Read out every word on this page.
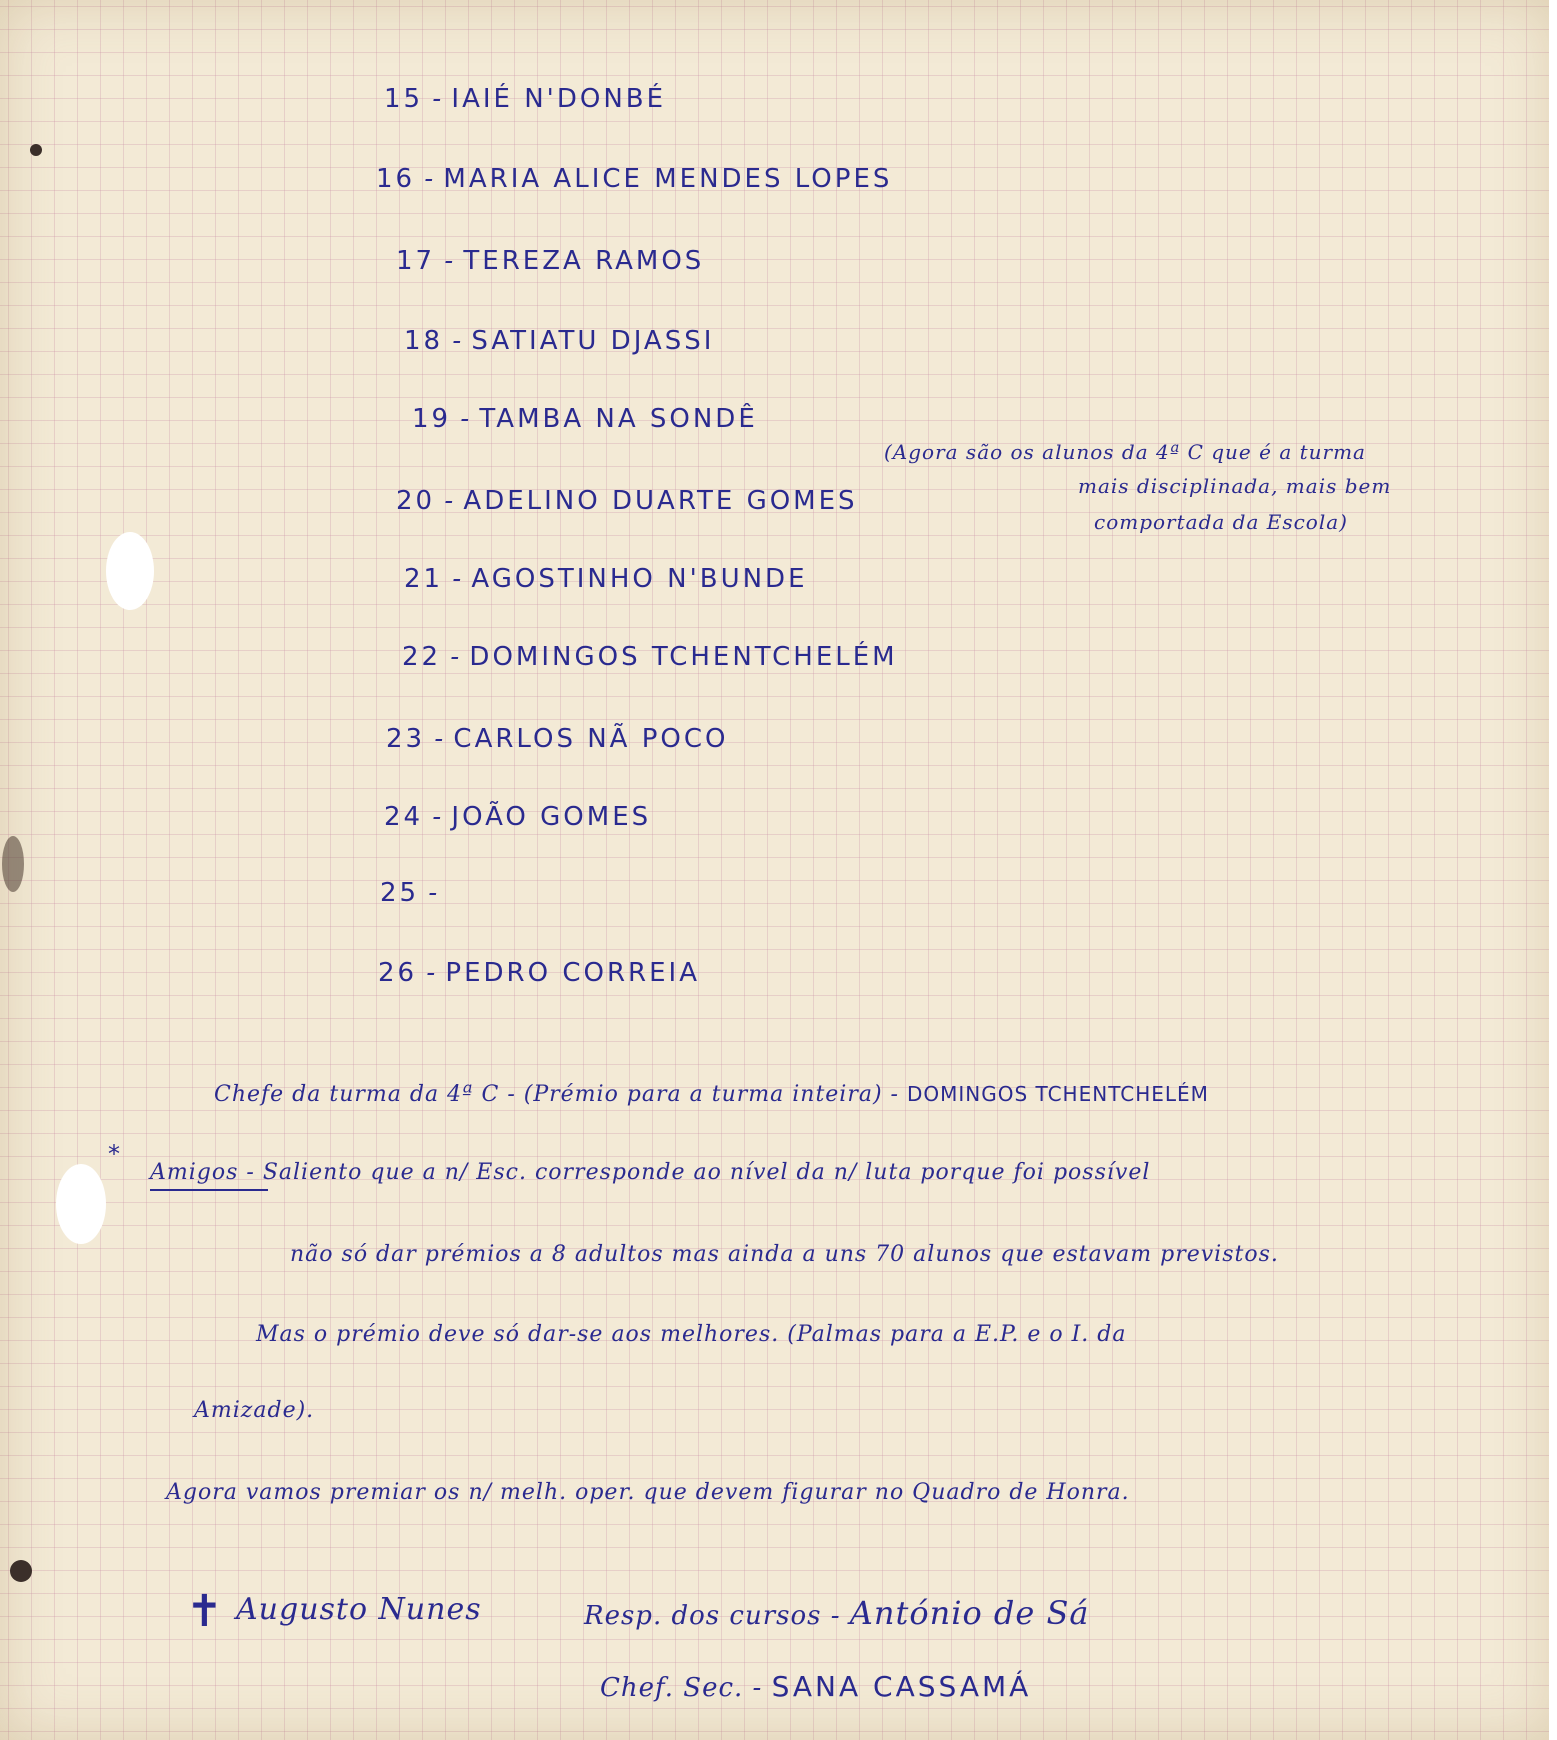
15 - IAIÉ N'DONBÉ
16 - MARIA ALICE MENDES LOPES
17 - TEREZA RAMOS
18 - SATIATU DJASSI
19 - TAMBA NA SONDÊ
20 - ADELINO DUARTE GOMES
21 - AGOSTINHO N'BUNDE
22 - DOMINGOS TCHENTCHELÉM
23 - CARLOS NÃ POCO
24 - JOÃO GOMES
25 -
26 - PEDRO CORREIA
(Agora são os alunos da 4ª C que é a turma
mais disciplinada, mais bem
comportada da Escola)
Chefe da turma da 4ª C - (Prémio para a turma inteira) - DOMINGOS TCHENTCHELÉM
*
Amigos - Saliento que a n/ Esc. corresponde ao nível da n/ luta porque foi possível
não só dar prémios a 8 adultos mas ainda a uns 70 alunos que estavam previstos.
Mas o prémio deve só dar-se aos melhores. (Palmas para a E.P. e o I. da
Amizade).
Agora vamos premiar os n/ melh. oper. que devem figurar no Quadro de Honra.
✝ Augusto Nunes	Resp. dos cursos - António de Sá
Chef. Sec. - SANA CASSAMÁ
